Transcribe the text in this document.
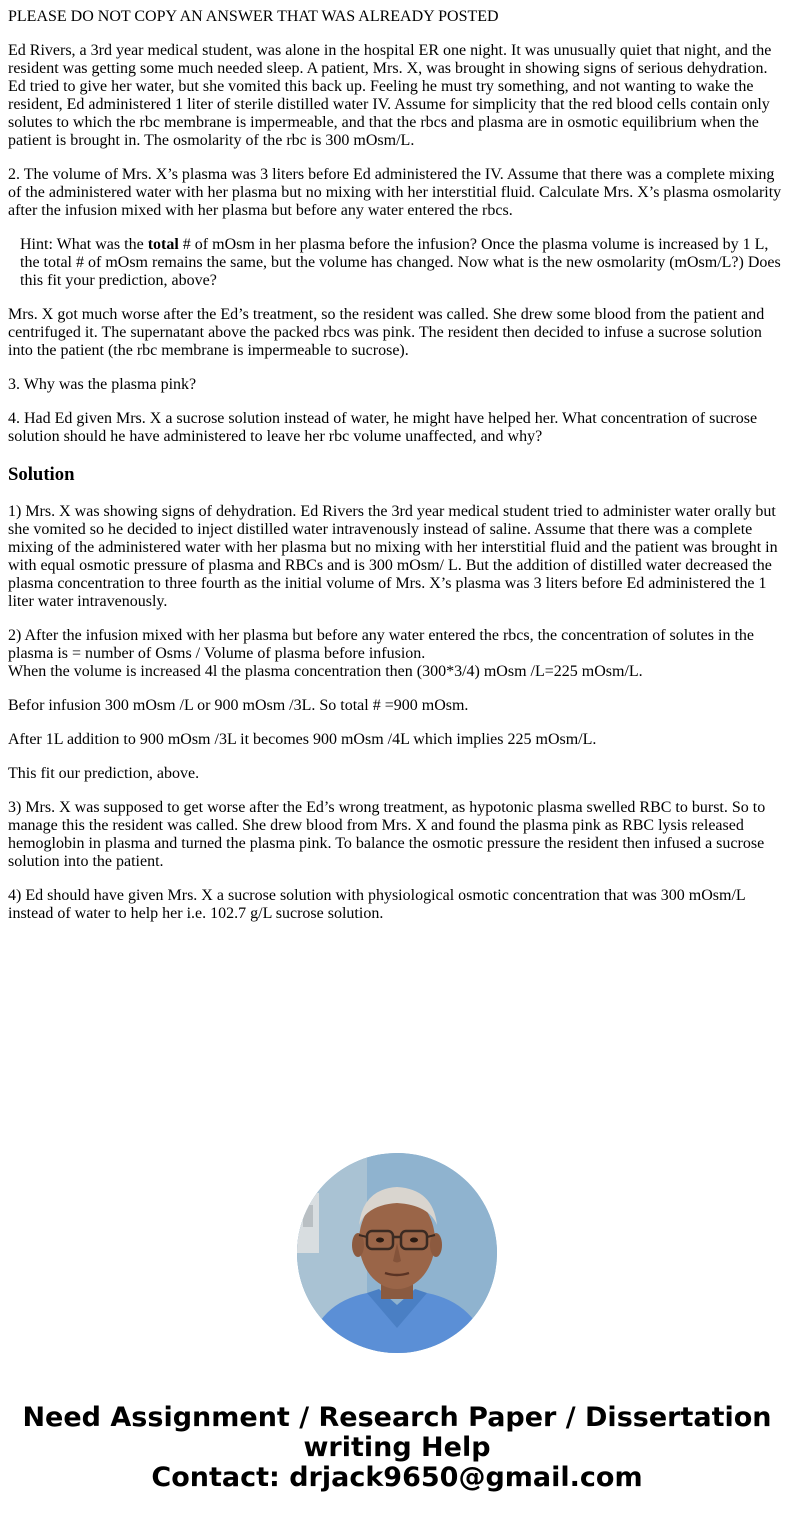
PLEASE DO NOT COPY AN ANSWER THAT WAS ALREADY POSTED

Ed Rivers, a 3rd year medical student, was alone in the hospital ER one night. It was unusually quiet that night, and the resident was getting some much needed sleep. A patient, Mrs. X, was brought in showing signs of serious dehydration. Ed tried to give her water, but she vomited this back up. Feeling he must try something, and not wanting to wake the resident, Ed administered 1 liter of sterile distilled water IV. Assume for simplicity that the red blood cells contain only solutes to which the rbc membrane is impermeable, and that the rbcs and plasma are in osmotic equilibrium when the patient is brought in. The osmolarity of the rbc is 300 mOsm/L.

2. The volume of Mrs. X’s plasma was 3 liters before Ed administered the IV. Assume that there was a complete mixing of the administered water with her plasma but no mixing with her interstitial fluid. Calculate Mrs. X’s plasma osmolarity after the infusion mixed with her plasma but before any water entered the rbcs.

Hint: What was the total # of mOsm in her plasma before the infusion? Once the plasma volume is increased by 1 L, the total # of mOsm remains the same, but the volume has changed. Now what is the new osmolarity (mOsm/L?) Does this fit your prediction, above?

Mrs. X got much worse after the Ed’s treatment, so the resident was called. She drew some blood from the patient and centrifuged it. The supernatant above the packed rbcs was pink. The resident then decided to infuse a sucrose solution into the patient (the rbc membrane is impermeable to sucrose).

3. Why was the plasma pink?

4. Had Ed given Mrs. X a sucrose solution instead of water, he might have helped her. What concentration of sucrose solution should he have administered to leave her rbc volume unaffected, and why?

Solution

1) Mrs. X was showing signs of dehydration. Ed Rivers the 3rd year medical student tried to administer water orally but she vomited so he decided to inject distilled water intravenously instead of saline. Assume that there was a complete mixing of the administered water with her plasma but no mixing with her interstitial fluid and the patient was brought in with equal osmotic pressure of plasma and RBCs and is 300 mOsm/ L. But the addition of distilled water decreased the plasma concentration to three fourth as the initial volume of Mrs. X’s plasma was 3 liters before Ed administered the 1 liter water intravenously.

2) After the infusion mixed with her plasma but before any water entered the rbcs, the concentration of solutes in the plasma is = number of Osms / Volume of plasma before infusion.
When the volume is increased 4l the plasma concentration then (300*3/4) mOsm /L=225 mOsm/L.

Befor infusion 300 mOsm /L or 900 mOsm /3L. So total # =900 mOsm.

After 1L addition to 900 mOsm /3L it becomes 900 mOsm /4L which implies 225 mOsm/L.

This fit our prediction, above.

3) Mrs. X was supposed to get worse after the Ed’s wrong treatment, as hypotonic plasma swelled RBC to burst. So to manage this the resident was called. She drew blood from Mrs. X and found the plasma pink as RBC lysis released hemoglobin in plasma and turned the plasma pink. To balance the osmotic pressure the resident then infused a sucrose solution into the patient.

4) Ed should have given Mrs. X a sucrose solution with physiological osmotic concentration that was 300 mOsm/L instead of water to help her i.e. 102.7 g/L sucrose solution.

Need Assignment / Research Paper / Dissertation
writing Help
Contact: drjack9650@gmail.com
